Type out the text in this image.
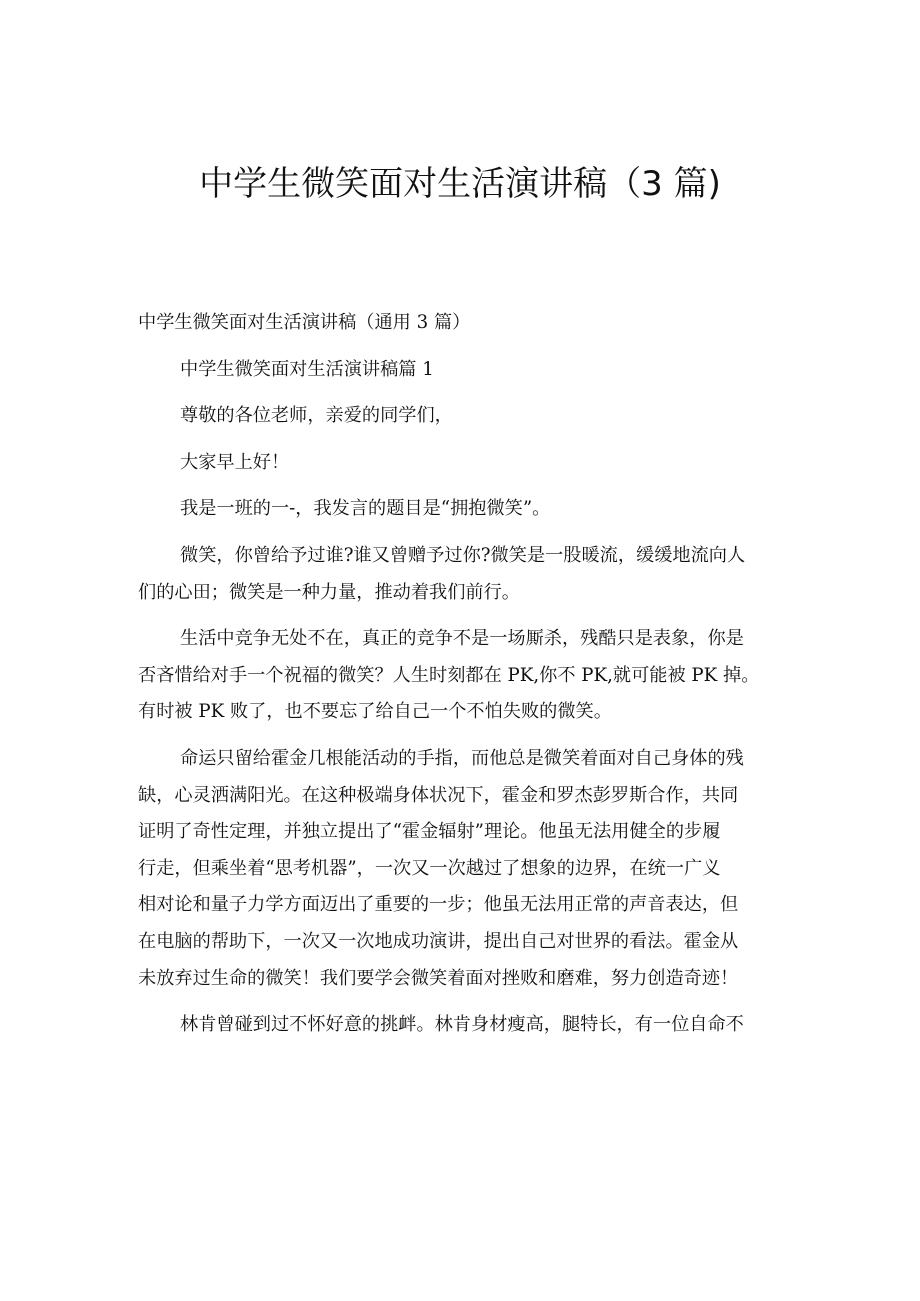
中学生微笑面对生活演讲稿（3 篇)
中学生微笑面对生活演讲稿（通用 3 篇）
中学生微笑面对生活演讲稿篇 1
尊敬的各位老师，亲爱的同学们，
大家早上好！
我是一班的一-，我发言的题目是“拥抱微笑”。
微笑，你曾给予过谁?谁又曾赠予过你?微笑是一股暖流，缓缓地流向人
们的心田；微笑是一种力量，推动着我们前行。
生活中竞争无处不在，真正的竞争不是一场厮杀，残酷只是表象，你是
否吝惜给对手一个祝福的微笑？人生时刻都在 PK,你不 PK,就可能被 PK 掉。
有时被 PK 败了，也不要忘了给自己一个不怕失败的微笑。
命运只留给霍金几根能活动的手指，而他总是微笑着面对自己身体的残
缺，心灵洒满阳光。在这种极端身体状况下，霍金和罗杰彭罗斯合作，共同
证明了奇性定理，并独立提出了“霍金辐射”理论。他虽无法用健全的步履
行走，但乘坐着“思考机器”，一次又一次越过了想象的边界，在统一广义
相对论和量子力学方面迈出了重要的一步；他虽无法用正常的声音表达，但
在电脑的帮助下，一次又一次地成功演讲，提出自己对世界的看法。霍金从
未放弃过生命的微笑！我们要学会微笑着面对挫败和磨难，努力创造奇迹！
林肯曾碰到过不怀好意的挑衅。林肯身材瘦高，腿特长，有一位自命不
